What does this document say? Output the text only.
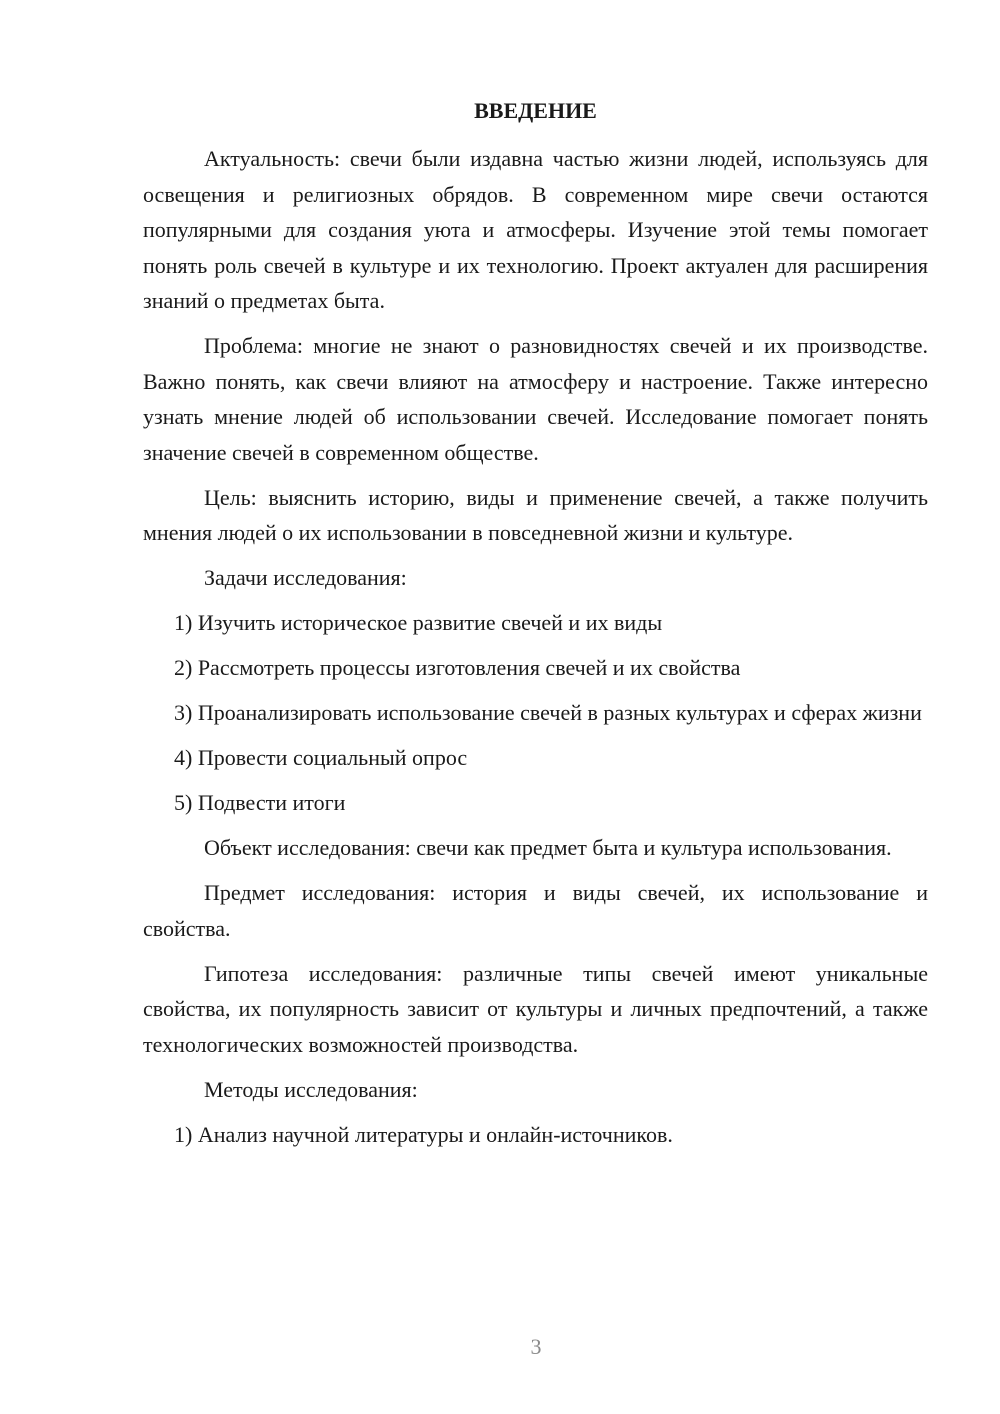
ВВЕДЕНИЕ

Актуальность: свечи были издавна частью жизни людей, используясь для освещения и религиозных обрядов. В современном мире свечи остаются популярными для создания уюта и атмосферы. Изучение этой темы помогает понять роль свечей в культуре и их технологию. Проект актуален для расширения знаний о предметах быта.

Проблема: многие не знают о разновидностях свечей и их производстве. Важно понять, как свечи влияют на атмосферу и настроение. Также интересно узнать мнение людей об использовании свечей. Исследование помогает понять значение свечей в современном обществе.

Цель: выяснить историю, виды и применение свечей, а также получить мнения людей о их использовании в повседневной жизни и культуре.

Задачи исследования:

1) Изучить историческое развитие свечей и их виды

2) Рассмотреть процессы изготовления свечей и их свойства

3) Проанализировать использование свечей в разных культурах и сферах жизни

4) Провести социальный опрос

5) Подвести итоги

Объект исследования: свечи как предмет быта и культура использования.

Предмет исследования: история и виды свечей, их использование и свойства.

Гипотеза исследования: различные типы свечей имеют уникальные свойства, их популярность зависит от культуры и личных предпочтений, а также технологических возможностей производства.

Методы исследования:

1) Анализ научной литературы и онлайн-источников.

3
